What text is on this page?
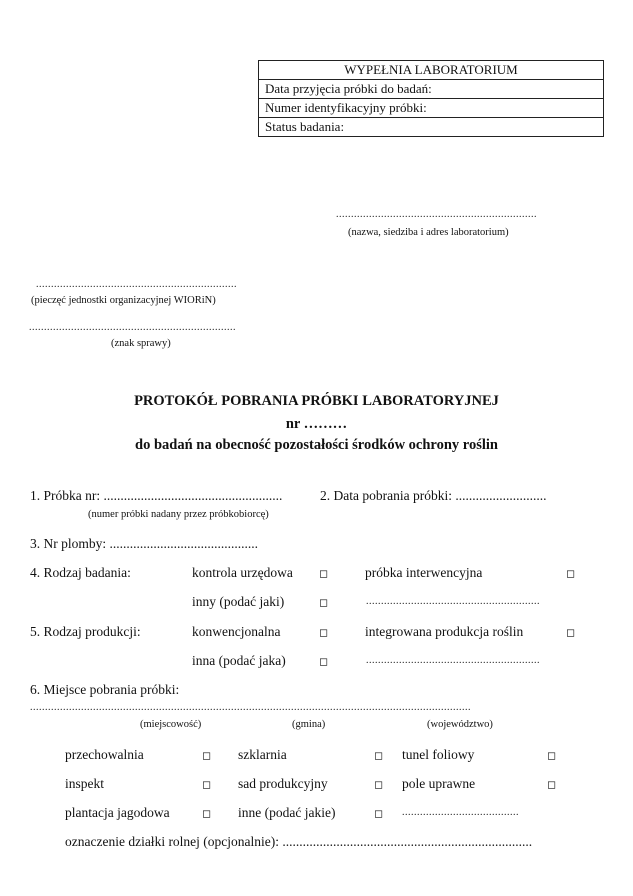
WYPEŁNIA LABORATORIUM
Data przyjęcia próbki do badań:
Numer identyfikacyjny próbki:
Status badania:
...................................................................
(nazwa, siedziba i adres laboratorium)
...................................................................
(pieczęć jednostki organizacyjnej WIORiN)
.....................................................................
(znak sprawy)
PROTOKÓŁ POBRANIA PRÓBKI LABORATORYJNEJ
nr ………
do badań na obecność pozostałości środków ochrony roślin
1. Próbka nr: .....................................................
(numer próbki nadany przez próbkobiorcę)
2. Data pobrania próbki: ...........................
3. Nr plomby: ............................................
4. Rodzaj badania:	kontrola urzędowa ◻	próbka interwencyjna	◻
inny (podać jaki)	◻	..........................................................
5. Rodzaj produkcji:	konwencjonalna	◻	integrowana produkcja roślin	◻
inna (podać jaka)	◻	..........................................................
6. Miejsce pobrania próbki:
...................................................................................................................................................
(miejscowość)	(gmina)	(województwo)
przechowalnia	◻ szklarnia	◻ tunel foliowy	◻
inspekt	◻ sad produkcyjny	◻ pole uprawne	◻
plantacja jagodowa	◻ inne (podać jakie)	◻ .......................................
oznaczenie działki rolnej (opcjonalnie): ..........................................................................
